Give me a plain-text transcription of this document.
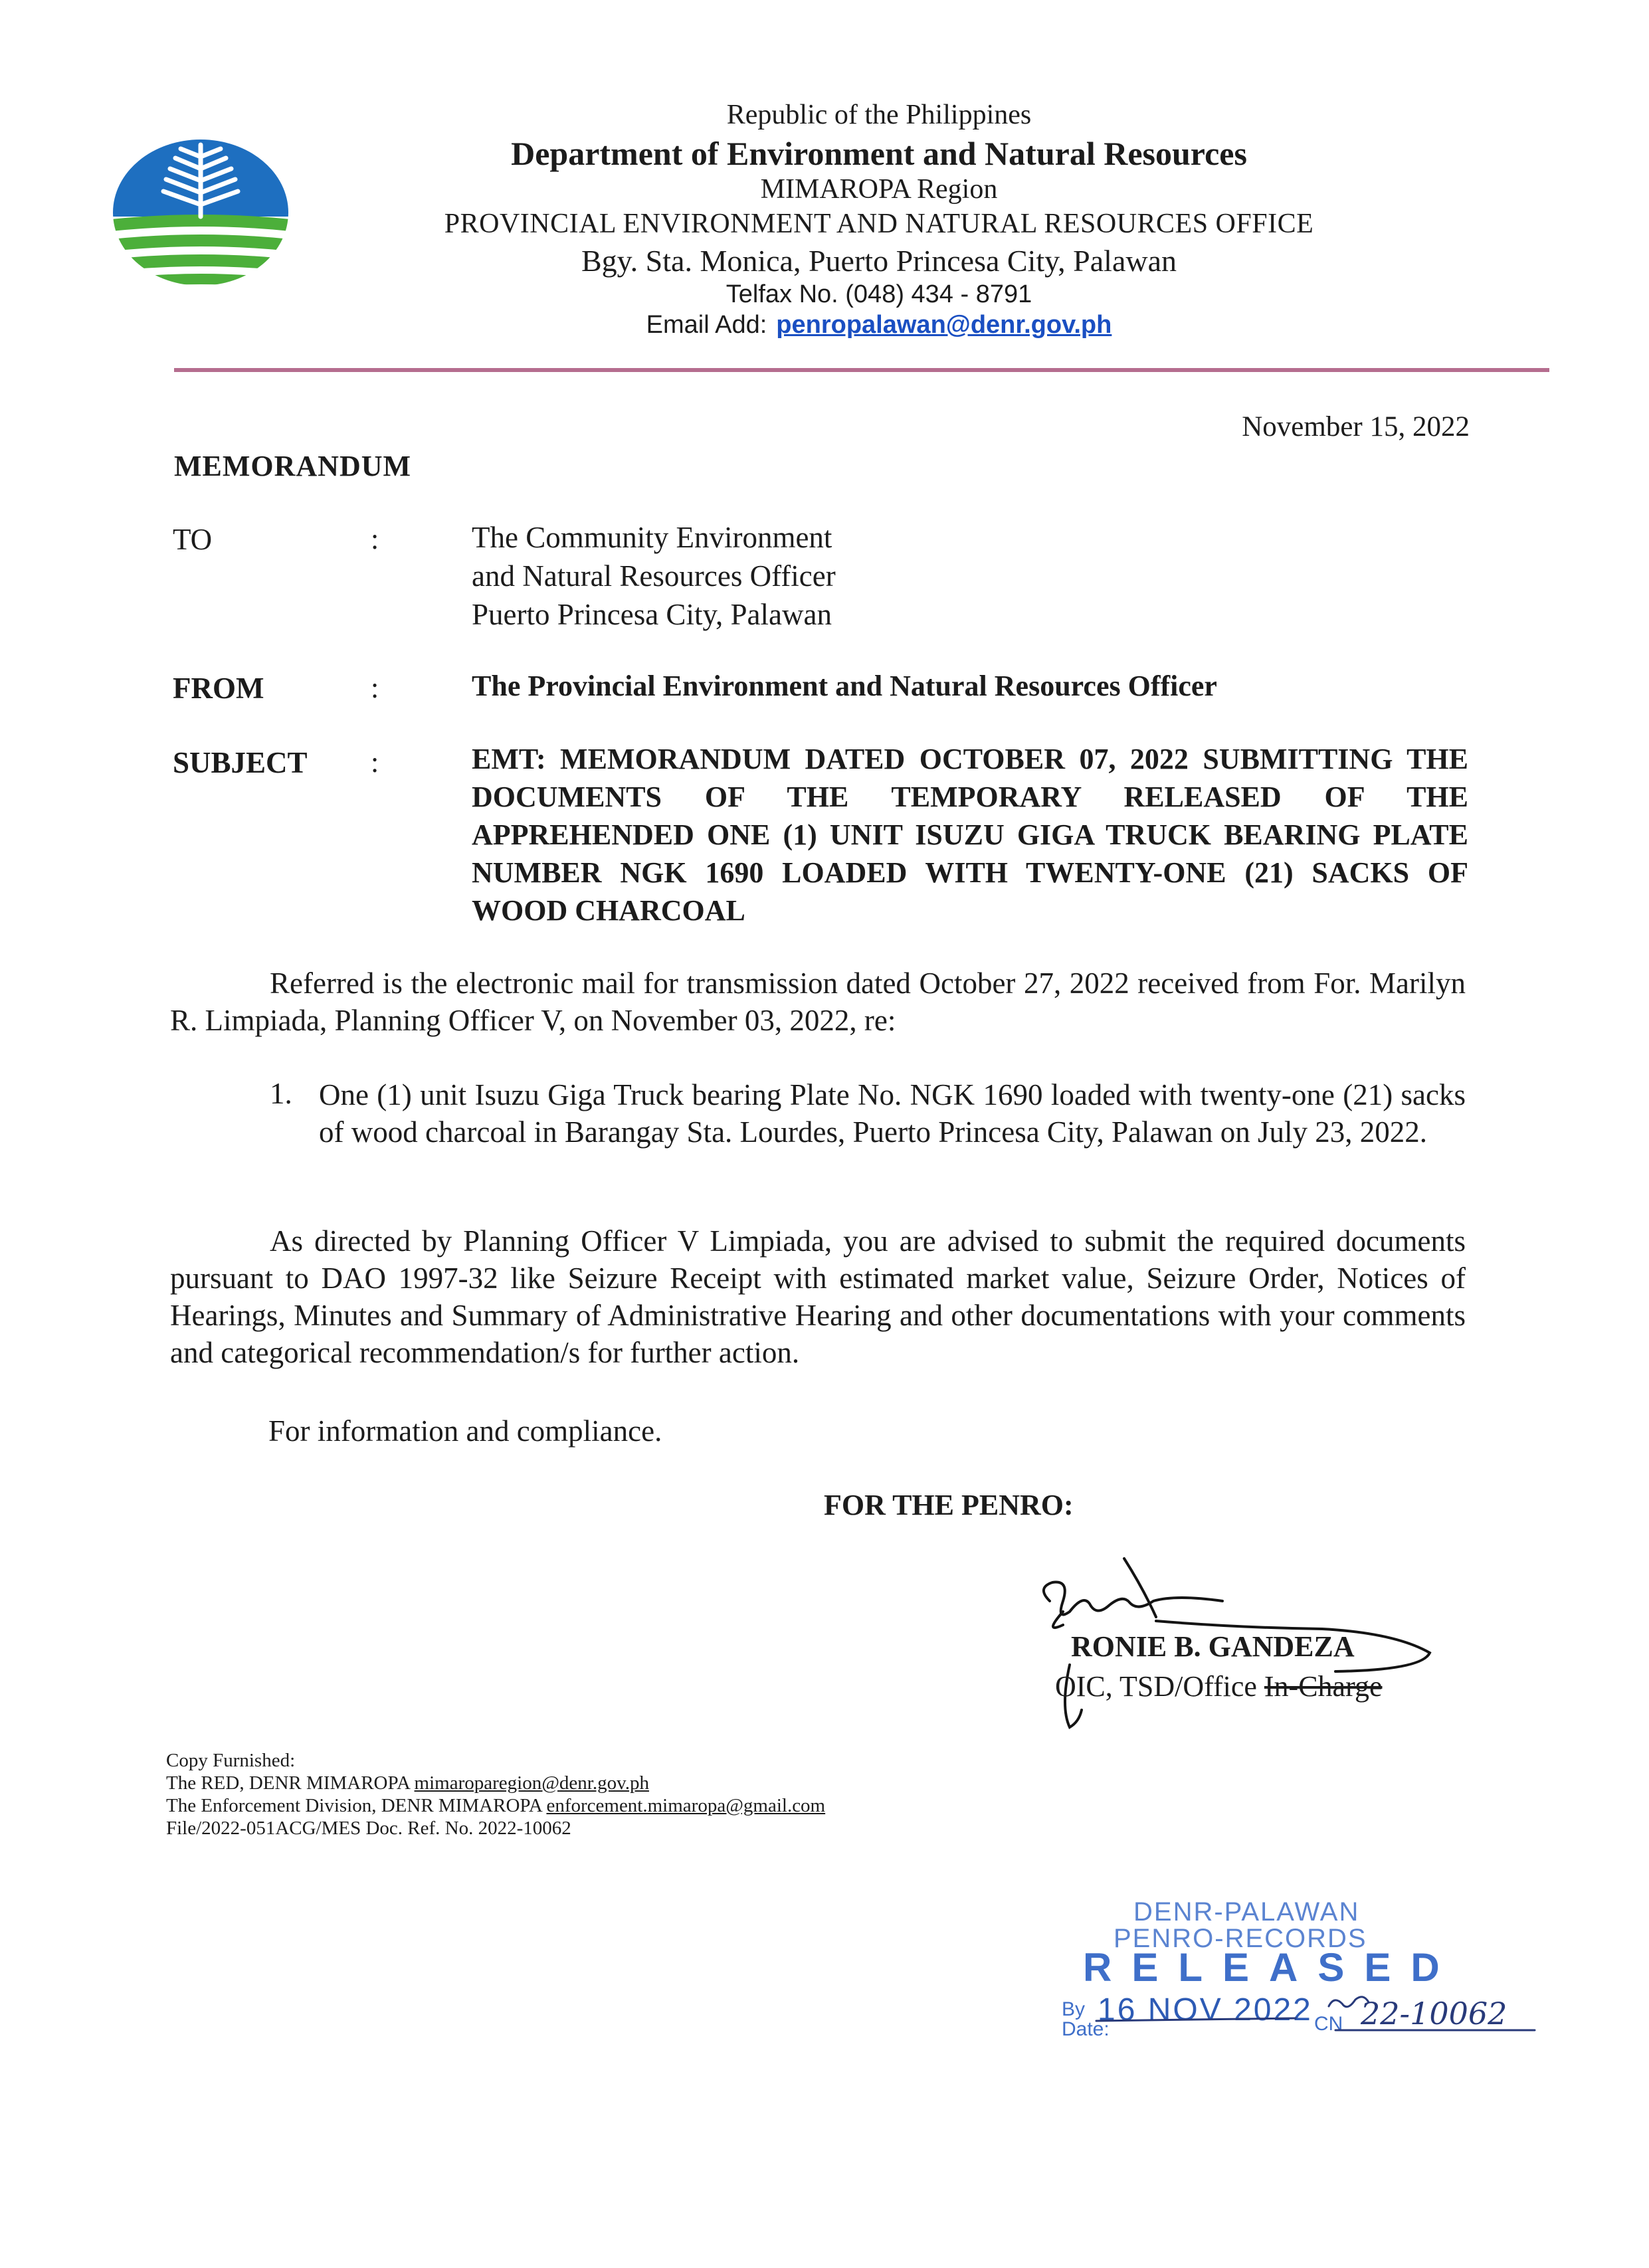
Republic of the Philippines
Department of Environment and Natural Resources
MIMAROPA Region
PROVINCIAL ENVIRONMENT AND NATURAL RESOURCES OFFICE
Bgy. Sta. Monica, Puerto Princesa City, Palawan
Telfax No. (048) 434 - 8791
Email Add: penropalawan@denr.gov.ph
November 15, 2022
MEMORANDUM
TO	:	The Community Environment
and Natural Resources Officer
Puerto Princesa City, Palawan
FROM	:	The Provincial Environment and Natural Resources Officer
SUBJECT :	EMT: MEMORANDUM DATED OCTOBER 07, 2022 SUBMITTING THE DOCUMENTS OF THE TEMPORARY RELEASED OF THE APPREHENDED ONE (1) UNIT ISUZU GIGA TRUCK BEARING PLATE NUMBER NGK 1690 LOADED WITH TWENTY-ONE (21) SACKS OF WOOD CHARCOAL
Referred is the electronic mail for transmission dated October 27, 2022 received from For. Marilyn R. Limpiada, Planning Officer V, on November 03, 2022, re:
1. One (1) unit Isuzu Giga Truck bearing Plate No. NGK 1690 loaded with twenty-one (21) sacks of wood charcoal in Barangay Sta. Lourdes, Puerto Princesa City, Palawan on July 23, 2022.
As directed by Planning Officer V Limpiada, you are advised to submit the required documents pursuant to DAO 1997-32 like Seizure Receipt with estimated market value, Seizure Order, Notices of Hearings, Minutes and Summary of Administrative Hearing and other documentations with your comments and categorical recommendation/s for further action.
For information and compliance.
FOR THE PENRO:
RONIE B. GANDEZA
OIC, TSD/Office In-Charge
Copy Furnished:
The RED, DENR MIMAROPA mimaroparegion@denr.gov.ph
The Enforcement Division, DENR MIMAROPA enforcement.mimaropa@gmail.com
File/2022-051ACG/MES Doc. Ref. No. 2022-10062
DENR-PALAWAN
PENRO-RECORDS
RELEASED
By
Date:
16 NOV 2022 CN 22-10062
